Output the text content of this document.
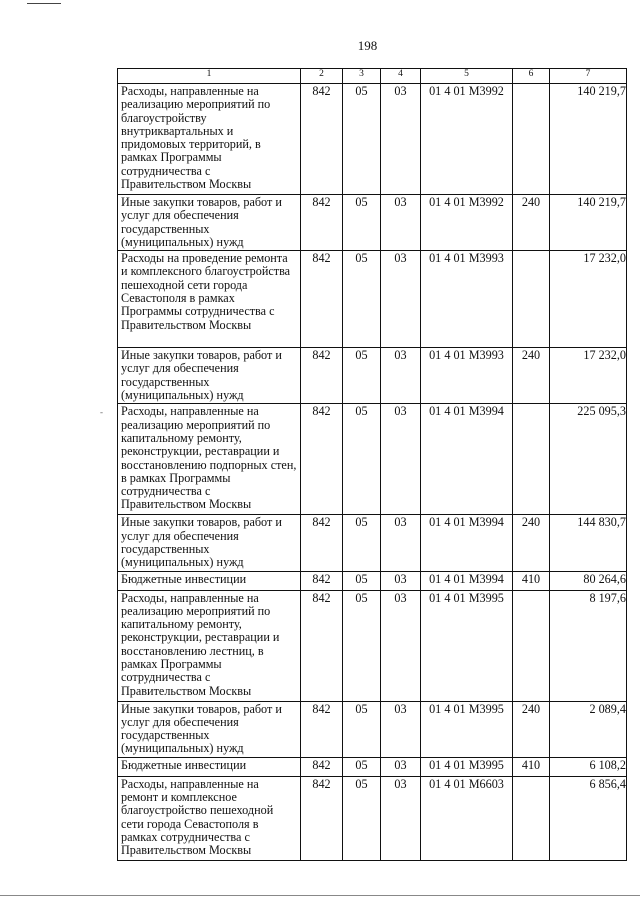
198
-
1	2	3	4	5	6	7
Расходы, направленные на реализацию мероприятий по благоустройству внутриквартальных и придомовых территорий, в рамках Программы сотрудничества с Правительством Москвы	842	05	03	01 4 01 М3992		140 219,7
Иные закупки товаров, работ и услуг для обеспечения государственных (муниципальных) нужд	842	05	03	01 4 01 М3992	240	140 219,7
Расходы на проведение ремонта и комплексного благоустройства пешеходной сети города Севастополя в рамках Программы сотрудничества с Правительством Москвы	842	05	03	01 4 01 М3993		17 232,0
Иные закупки товаров, работ и услуг для обеспечения государственных (муниципальных) нужд	842	05	03	01 4 01 М3993	240	17 232,0
Расходы, направленные на реализацию мероприятий по капитальному ремонту, реконструкции, реставрации и восстановлению подпорных стен, в рамках Программы сотрудничества с Правительством Москвы	842	05	03	01 4 01 М3994		225 095,3
Иные закупки товаров, работ и услуг для обеспечения государственных (муниципальных) нужд	842	05	03	01 4 01 М3994	240	144 830,7
Бюджетные инвестиции	842	05	03	01 4 01 М3994	410	80 264,6
Расходы, направленные на реализацию мероприятий по капитальному ремонту, реконструкции, реставрации и восстановлению лестниц, в рамках Программы сотрудничества с Правительством Москвы	842	05	03	01 4 01 М3995		8 197,6
Иные закупки товаров, работ и услуг для обеспечения государственных (муниципальных) нужд	842	05	03	01 4 01 М3995	240	2 089,4
Бюджетные инвестиции	842	05	03	01 4 01 М3995	410	6 108,2
Расходы, направленные на ремонт и комплексное благоустройство пешеходной сети города Севастополя в рамках сотрудничества с Правительством Москвы	842	05	03	01 4 01 М6603		6 856,4
